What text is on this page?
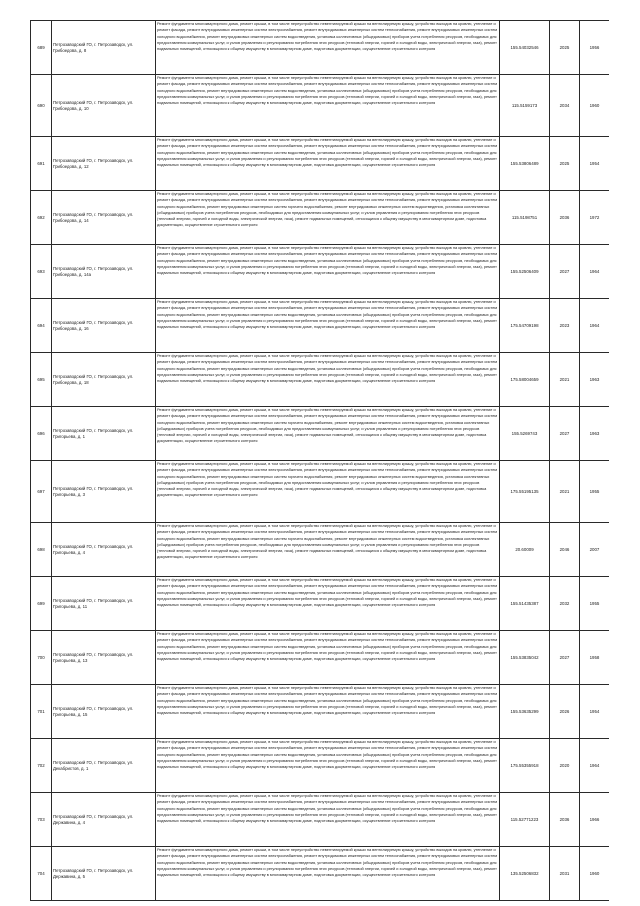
689	Петрозаводский ГО, г. Петрозаводск, ул. Грибоедова, д. 8	Ремонт фундамента многоквартирного дома, ремонт крыши, в том числе переустройство невентилируемой крыши на вентилируемую крышу, устройство выходов на кровлю, утепление и ремонт фасада, ремонт внутридомовых инженерных систем электроснабжения, ремонт внутридомовых инженерных систем теплоснабжения, ремонт внутридомовых инженерных систем холодного водоснабжения, ремонт внутридомовых инженерных систем водоотведения, установка коллективных (общедомовых) приборов учета потребления ресурсов, необходимых для предоставления коммунальных услуг, и узлов управления и регулирования потребления этих ресурсов (тепловой энергии, горячей и холодной воды, электрической энергии, газа), ремонт подвальных помещений, относящихся к общему имуществу в многоквартирном доме, подготовка документации, осуществление строительного контроля	155.54032546	2025	1956
690	Петрозаводский ГО, г. Петрозаводск, ул. Грибоедова, д. 10	Ремонт фундамента многоквартирного дома, ремонт крыши, в том числе переустройство невентилируемой крыши на вентилируемую крышу, устройство выходов на кровлю, утепление и ремонт фасада, ремонт внутридомовых инженерных систем электроснабжения, ремонт внутридомовых инженерных систем теплоснабжения, ремонт внутридомовых инженерных систем холодного водоснабжения, ремонт внутридомовых инженерных систем водоотведения, установка коллективных (общедомовых) приборов учета потребления ресурсов, необходимых для предоставления коммунальных услуг, и узлов управления и регулирования потребления этих ресурсов (тепловой энергии, горячей и холодной воды, электрической энергии, газа), ремонт подвальных помещений, относящихся к общему имуществу в многоквартирном доме, подготовка документации, осуществление строительного контроля	115.5159173	2034	1960
691	Петрозаводский ГО, г. Петрозаводск, ул. Грибоедова, д. 12	Ремонт фундамента многоквартирного дома, ремонт крыши, в том числе переустройство невентилируемой крыши на вентилируемую крышу, устройство выходов на кровлю, утепление и ремонт фасада, ремонт внутридомовых инженерных систем электроснабжения, ремонт внутридомовых инженерных систем теплоснабжения, ремонт внутридомовых инженерных систем холодного водоснабжения, ремонт внутридомовых инженерных систем водоотведения, установка коллективных (общедомовых) приборов учета потребления ресурсов, необходимых для предоставления коммунальных услуг, и узлов управления и регулирования потребления этих ресурсов (тепловой энергии, горячей и холодной воды, электрической энергии, газа), ремонт подвальных помещений, относящихся к общему имуществу в многоквартирном доме, подготовка документации, осуществление строительного контроля	155.53806489	2025	1954
692	Петрозаводский ГО, г. Петрозаводск, ул. Грибоедова, д. 14	Ремонт фундамента многоквартирного дома, ремонт крыши, в том числе переустройство невентилируемой крыши на вентилируемую крышу, устройство выходов на кровлю, утепление и ремонт фасада, ремонт внутридомовых инженерных систем электроснабжения, ремонт внутридомовых инженерных систем теплоснабжения, ремонт внутридомовых инженерных систем холодного водоснабжения, ремонт внутридомовых инженерных систем горячего водоснабжения, ремонт внутридомовых инженерных систем водоотведения, установка коллективных (общедомовых) приборов учета потребления ресурсов, необходимых для предоставления коммунальных услуг, и узлов управления и регулирования потребления этих ресурсов (тепловой энергии, горячей и холодной воды, электрической энергии, газа), ремонт подвальных помещений, относящихся к общему имуществу в многоквартирном доме, подготовка документации, осуществление строительного контроля	115.5198751	2036	1972
693	Петрозаводский ГО, г. Петрозаводск, ул. Грибоедова, д. 14а	Ремонт фундамента многоквартирного дома, ремонт крыши, в том числе переустройство невентилируемой крыши на вентилируемую крышу, устройство выходов на кровлю, утепление и ремонт фасада, ремонт внутридомовых инженерных систем электроснабжения, ремонт внутридомовых инженерных систем теплоснабжения, ремонт внутридомовых инженерных систем холодного водоснабжения, ремонт внутридомовых инженерных систем водоотведения, установка коллективных (общедомовых) приборов учета потребления ресурсов, необходимых для предоставления коммунальных услуг, и узлов управления и регулирования потребления этих ресурсов (тепловой энергии, горячей и холодной воды, электрической энергии, газа), ремонт подвальных помещений, относящихся к общему имуществу в многоквартирном доме, подготовка документации, осуществление строительного контроля	155.52506409	2027	1964
694	Петрозаводский ГО, г. Петрозаводск, ул. Грибоедова, д. 16	Ремонт фундамента многоквартирного дома, ремонт крыши, в том числе переустройство невентилируемой крыши на вентилируемую крышу, устройство выходов на кровлю, утепление и ремонт фасада, ремонт внутридомовых инженерных систем электроснабжения, ремонт внутридомовых инженерных систем теплоснабжения, ремонт внутридомовых инженерных систем холодного водоснабжения, ремонт внутридомовых инженерных систем водоотведения, установка коллективных (общедомовых) приборов учета потребления ресурсов, необходимых для предоставления коммунальных услуг, и узлов управления и регулирования потребления этих ресурсов (тепловой энергии, горячей и холодной воды, электрической энергии, газа), ремонт подвальных помещений, относящихся к общему имуществу в многоквартирном доме, подготовка документации, осуществление строительного контроля	175.54709198	2023	1964
695	Петрозаводский ГО, г. Петрозаводск, ул. Грибоедова, д. 18	Ремонт фундамента многоквартирного дома, ремонт крыши, в том числе переустройство невентилируемой крыши на вентилируемую крышу, устройство выходов на кровлю, утепление и ремонт фасада, ремонт внутридомовых инженерных систем электроснабжения, ремонт внутридомовых инженерных систем теплоснабжения, ремонт внутридомовых инженерных систем холодного водоснабжения, ремонт внутридомовых инженерных систем водоотведения, установка коллективных (общедомовых) приборов учета потребления ресурсов, необходимых для предоставления коммунальных услуг, и узлов управления и регулирования потребления этих ресурсов (тепловой энергии, горячей и холодной воды, электрической энергии, газа), ремонт подвальных помещений, относящихся к общему имуществу в многоквартирном доме, подготовка документации, осуществление строительного контроля	175.58004659	2021	1963
696	Петрозаводский ГО, г. Петрозаводск, ул. Григорьева, д. 1	Ремонт фундамента многоквартирного дома, ремонт крыши, в том числе переустройство невентилируемой крыши на вентилируемую крышу, устройство выходов на кровлю, утепление и ремонт фасада, ремонт внутридомовых инженерных систем электроснабжения, ремонт внутридомовых инженерных систем теплоснабжения, ремонт внутридомовых инженерных систем холодного водоснабжения, ремонт внутридомовых инженерных систем горячего водоснабжения, ремонт внутридомовых инженерных систем водоотведения, установка коллективных (общедомовых) приборов учета потребления ресурсов, необходимых для предоставления коммунальных услуг, и узлов управления и регулирования потребления этих ресурсов (тепловой энергии, горячей и холодной воды, электрической энергии, газа), ремонт подвальных помещений, относящихся к общему имуществу в многоквартирном доме, подготовка документации, осуществление строительного контроля	155.5269743	2027	1963
697	Петрозаводский ГО, г. Петрозаводск, ул. Григорьева, д. 3	Ремонт фундамента многоквартирного дома, ремонт крыши, в том числе переустройство невентилируемой крыши на вентилируемую крышу, устройство выходов на кровлю, утепление и ремонт фасада, ремонт внутридомовых инженерных систем электроснабжения, ремонт внутридомовых инженерных систем теплоснабжения, ремонт внутридомовых инженерных систем холодного водоснабжения, ремонт внутридомовых инженерных систем горячего водоснабжения, ремонт внутридомовых инженерных систем водоотведения, установка коллективных (общедомовых) приборов учета потребления ресурсов, необходимых для предоставления коммунальных услуг, и узлов управления и регулирования потребления этих ресурсов (тепловой энергии, горячей и холодной воды, электрической энергии, газа), ремонт подвальных помещений, относящихся к общему имуществу в многоквартирном доме, подготовка документации, осуществление строительного контроля	175.55195135	2021	1955
698	Петрозаводский ГО, г. Петрозаводск, ул. Григорьева, д. 4	Ремонт фундамента многоквартирного дома, ремонт крыши, в том числе переустройство невентилируемой крыши на вентилируемую крышу, устройство выходов на кровлю, утепление и ремонт фасада, ремонт внутридомовых инженерных систем электроснабжения, ремонт внутридомовых инженерных систем теплоснабжения, ремонт внутридомовых инженерных систем холодного водоснабжения, ремонт внутридомовых инженерных систем горячего водоснабжения, ремонт внутридомовых инженерных систем водоотведения, установка коллективных (общедомовых) приборов учета потребления ресурсов, необходимых для предоставления коммунальных услуг, и узлов управления и регулирования потребления этих ресурсов (тепловой энергии, горячей и холодной воды, электрической энергии, газа), ремонт подвальных помещений, относящихся к общему имуществу в многоквартирном доме, подготовка документации, осуществление строительного контроля	20.60009	2046	2007
699	Петрозаводский ГО, г. Петрозаводск, ул. Григорьева, д. 11	Ремонт фундамента многоквартирного дома, ремонт крыши, в том числе переустройство невентилируемой крыши на вентилируемую крышу, устройство выходов на кровлю, утепление и ремонт фасада, ремонт внутридомовых инженерных систем электроснабжения, ремонт внутридомовых инженерных систем теплоснабжения, ремонт внутридомовых инженерных систем холодного водоснабжения, ремонт внутридомовых инженерных систем водоотведения, установка коллективных (общедомовых) приборов учета потребления ресурсов, необходимых для предоставления коммунальных услуг, и узлов управления и регулирования потребления этих ресурсов (тепловой энергии, горячей и холодной воды, электрической энергии, газа), ремонт подвальных помещений, относящихся к общему имуществу в многоквартирном доме, подготовка документации, осуществление строительного контроля	155.51435387	2032	1955
700	Петрозаводский ГО, г. Петрозаводск, ул. Григорьева, д. 13	Ремонт фундамента многоквартирного дома, ремонт крыши, в том числе переустройство невентилируемой крыши на вентилируемую крышу, устройство выходов на кровлю, утепление и ремонт фасада, ремонт внутридомовых инженерных систем электроснабжения, ремонт внутридомовых инженерных систем теплоснабжения, ремонт внутридомовых инженерных систем холодного водоснабжения, ремонт внутридомовых инженерных систем водоотведения, установка коллективных (общедомовых) приборов учета потребления ресурсов, необходимых для предоставления коммунальных услуг, и узлов управления и регулирования потребления этих ресурсов (тепловой энергии, горячей и холодной воды, электрической энергии, газа), ремонт подвальных помещений, относящихся к общему имуществу в многоквартирном доме, подготовка документации, осуществление строительного контроля	155.53835042	2027	1958
701	Петрозаводский ГО, г. Петрозаводск, ул. Григорьева, д. 15	Ремонт фундамента многоквартирного дома, ремонт крыши, в том числе переустройство невентилируемой крыши на вентилируемую крышу, устройство выходов на кровлю, утепление и ремонт фасада, ремонт внутридомовых инженерных систем электроснабжения, ремонт внутридомовых инженерных систем теплоснабжения, ремонт внутридомовых инженерных систем холодного водоснабжения, ремонт внутридомовых инженерных систем водоотведения, установка коллективных (общедомовых) приборов учета потребления ресурсов, необходимых для предоставления коммунальных услуг, и узлов управления и регулирования потребления этих ресурсов (тепловой энергии, горячей и холодной воды, электрической энергии, газа), ремонт подвальных помещений, относящихся к общему имуществу в многоквартирном доме, подготовка документации, осуществление строительного контроля	155.53635299	2026	1954
702	Петрозаводский ГО, г. Петрозаводск, ул. Декабристов, д. 1	Ремонт фундамента многоквартирного дома, ремонт крыши, в том числе переустройство невентилируемой крыши на вентилируемую крышу, устройство выходов на кровлю, утепление и ремонт фасада, ремонт внутридомовых инженерных систем электроснабжения, ремонт внутридомовых инженерных систем теплоснабжения, ремонт внутридомовых инженерных систем холодного водоснабжения, ремонт внутридомовых инженерных систем водоотведения, установка коллективных (общедомовых) приборов учета потребления ресурсов, необходимых для предоставления коммунальных услуг, и узлов управления и регулирования потребления этих ресурсов (тепловой энергии, горячей и холодной воды, электрической энергии, газа), ремонт подвальных помещений, относящихся к общему имуществу в многоквартирном доме, подготовка документации, осуществление строительного контроля	175.55355918	2020	1964
703	Петрозаводский ГО, г. Петрозаводск, ул. Державина, д. 4	Ремонт фундамента многоквартирного дома, ремонт крыши, в том числе переустройство невентилируемой крыши на вентилируемую крышу, устройство выходов на кровлю, утепление и ремонт фасада, ремонт внутридомовых инженерных систем электроснабжения, ремонт внутридомовых инженерных систем теплоснабжения, ремонт внутридомовых инженерных систем холодного водоснабжения, ремонт внутридомовых инженерных систем водоотведения, установка коллективных (общедомовых) приборов учета потребления ресурсов, необходимых для предоставления коммунальных услуг, и узлов управления и регулирования потребления этих ресурсов (тепловой энергии, горячей и холодной воды, электрической энергии, газа), ремонт подвальных помещений, относящихся к общему имуществу в многоквартирном доме, подготовка документации, осуществление строительного контроля	115.52771223	2036	1966
704	Петрозаводский ГО, г. Петрозаводск, ул. Державина, д. 5	Ремонт фундамента многоквартирного дома, ремонт крыши, в том числе переустройство невентилируемой крыши на вентилируемую крышу, устройство выходов на кровлю, утепление и ремонт фасада, ремонт внутридомовых инженерных систем электроснабжения, ремонт внутридомовых инженерных систем теплоснабжения, ремонт внутридомовых инженерных систем холодного водоснабжения, ремонт внутридомовых инженерных систем водоотведения, установка коллективных (общедомовых) приборов учета потребления ресурсов, необходимых для предоставления коммунальных услуг, и узлов управления и регулирования потребления этих ресурсов (тепловой энергии, горячей и холодной воды, электрической энергии, газа), ремонт подвальных помещений, относящихся к общему имуществу в многоквартирном доме, подготовка документации, осуществление строительного контроля	135.52506832	2031	1960
